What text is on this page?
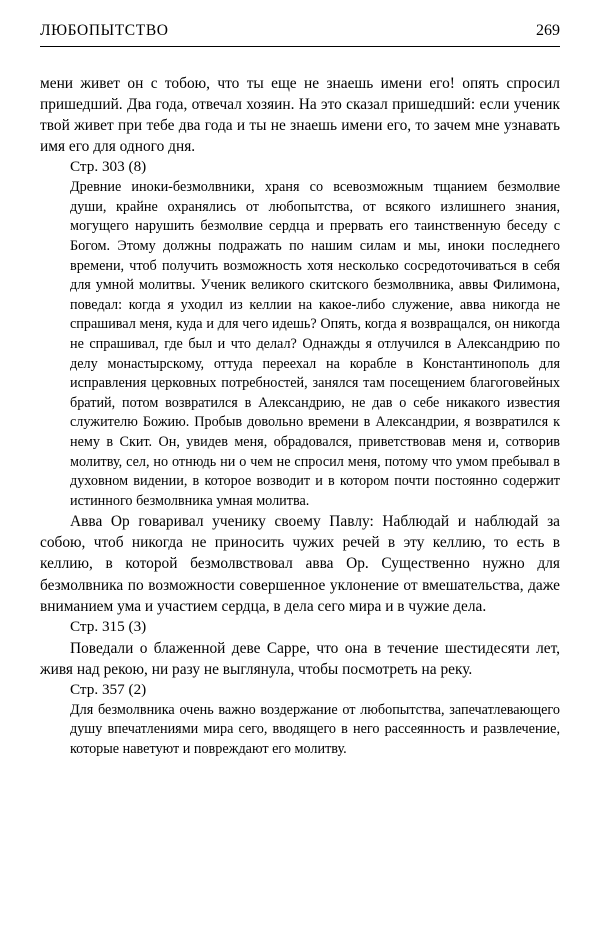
ЛЮБОПЫТСТВО	269

мени живет он с тобою, что ты еще не знаешь имени его! опять спросил пришедший. Два года, отвечал хозяин. На это сказал пришедший: если ученик твой живет при тебе два года и ты не знаешь имени его, то зачем мне узнавать имя его для одного дня.

Стр. 303 (8)

Древние иноки-безмолвники, храня со всевозможным тщанием безмолвие души, крайне охранялись от любопытства, от всякого излишнего знания, могущего нарушить безмолвие сердца и прервать его таинственную беседу с Богом. Этому должны подражать по нашим силам и мы, иноки последнего времени, чтоб получить возможность хотя несколько сосредоточиваться в себя для умной молитвы. Ученик великого скитского безмолвника, аввы Филимона, поведал: когда я уходил из келлии на какое-либо служение, авва никогда не спрашивал меня, куда и для чего идешь? Опять, когда я возвращался, он никогда не спрашивал, где был и что делал? Однажды я отлучился в Александрию по делу монастырскому, оттуда переехал на корабле в Константинополь для исправления церковных потребностей, занялся там посещением благоговейных братий, потом возвратился в Александрию, не дав о себе никакого известия служителю Божию. Пробыв довольно времени в Александрии, я возвратился к нему в Скит. Он, увидев меня, обрадовался, приветствовав меня и, сотворив молитву, сел, но отнюдь ни о чем не спросил меня, потому что умом пребывал в духовном видении, в которое возводит и в котором почти постоянно содержит истинного безмолвника умная молитва.

Авва Ор говаривал ученику своему Павлу: Наблюдай и наблюдай за собою, чтоб никогда не приносить чужих речей в эту келлию, то есть в келлию, в которой безмолвствовал авва Ор. Существенно нужно для безмолвника по возможности совершенное уклонение от вмешательства, даже вниманием ума и участием сердца, в дела сего мира и в чужие дела.

Стр. 315 (3)

Поведали о блаженной деве Сарре, что она в течение шестидесяти лет, живя над рекою, ни разу не выглянула, чтобы посмотреть на реку.

Стр. 357 (2)

Для безмолвника очень важно воздержание от любопытства, запечатлевающего душу впечатлениями мира сего, вводящего в него рассеянность и развлечение, которые наветуют и повреждают его молитву.
